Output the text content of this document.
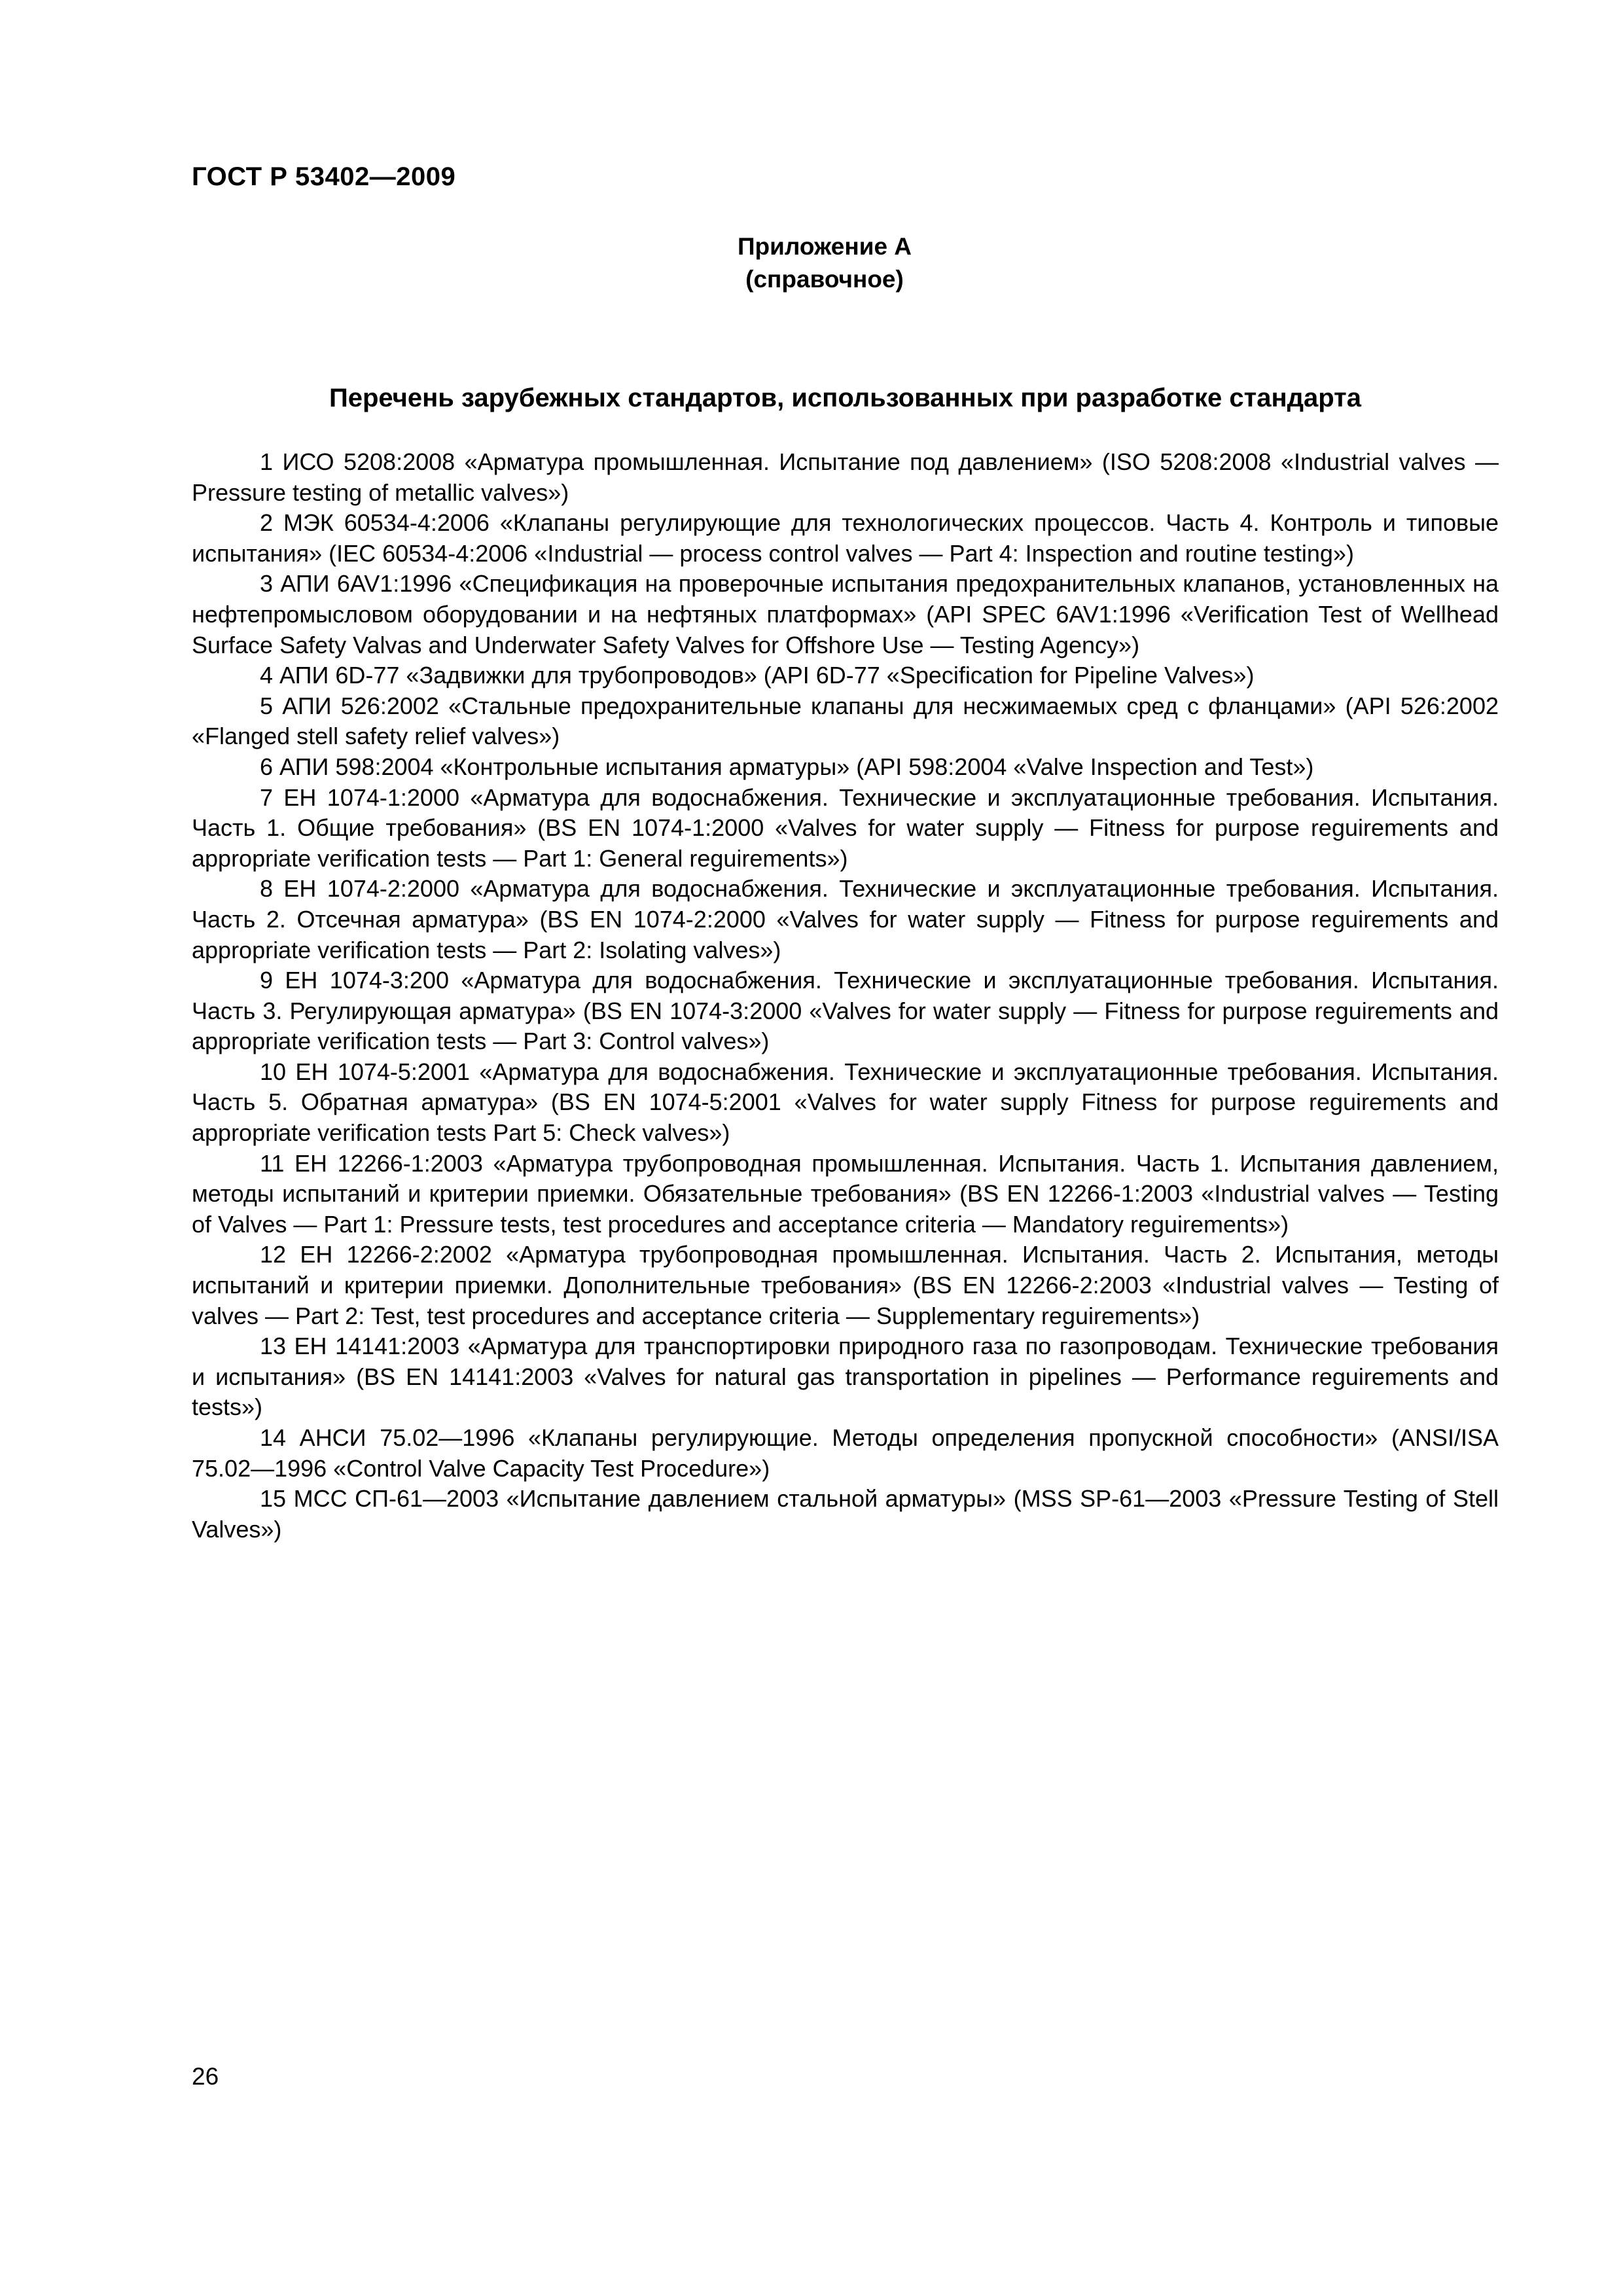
ГОСТ Р 53402—2009
Приложение А
(справочное)
Перечень зарубежных стандартов, использованных при разработке стандарта
1 ИСО 5208:2008 «Арматура промышленная. Испытание под давлением» (ISO 5208:2008 «Industrial valves — Pressure testing of metallic valves»)
2 МЭК 60534-4:2006 «Клапаны регулирующие для технологических процессов. Часть 4. Контроль и типовые испытания» (IEC 60534-4:2006 «Industrial — process control valves — Part 4: Inspection and routine testing»)
3 АПИ 6AV1:1996 «Спецификация на проверочные испытания предохранительных клапанов, установленных на нефтепромысловом оборудовании и на нефтяных платформах» (API SPEC 6AV1:1996 «Verification Test of Wellhead Surface Safety Valvas and Underwater Safety Valves for Offshore Use — Testing Agency»)
4 АПИ 6D-77 «Задвижки для трубопроводов» (API 6D-77 «Specification for Pipeline Valves»)
5 АПИ 526:2002 «Стальные предохранительные клапаны для несжимаемых сред с фланцами» (API 526:2002 «Flanged stell safety relief valves»)
6 АПИ 598:2004 «Контрольные испытания арматуры» (API 598:2004 «Valve Inspection and Test»)
7 ЕН 1074-1:2000 «Арматура для водоснабжения. Технические и эксплуатационные требования. Испытания. Часть 1. Общие требования» (BS EN 1074-1:2000 «Valves for water supply — Fitness for purpose reguirements and appropriate verification tests — Part 1: General reguirements»)
8 ЕН 1074-2:2000 «Арматура для водоснабжения. Технические и эксплуатационные требования. Испытания. Часть 2. Отсечная арматура» (BS EN 1074-2:2000 «Valves for water supply — Fitness for purpose reguirements and appropriate verification tests — Part 2: Isolating valves»)
9 ЕН 1074-3:200 «Арматура для водоснабжения. Технические и эксплуатационные требования. Испытания. Часть 3. Регулирующая арматура» (BS EN 1074-3:2000 «Valves for water supply — Fitness for purpose reguirements and appropriate verification tests — Part 3: Control valves»)
10 ЕН 1074-5:2001 «Арматура для водоснабжения. Технические и эксплуатационные требования. Испытания. Часть 5. Обратная арматура» (BS EN 1074-5:2001 «Valves for water supply Fitness for purpose reguirements and appropriate verification tests Part 5: Check valves»)
11 ЕН 12266-1:2003 «Арматура трубопроводная промышленная. Испытания. Часть 1. Испытания давлением, методы испытаний и критерии приемки. Обязательные требования» (BS EN 12266-1:2003 «Industrial valves — Testing of Valves — Part 1: Pressure tests, test procedures and acceptance criteria — Mandatory reguirements»)
12 ЕН 12266-2:2002 «Арматура трубопроводная промышленная. Испытания. Часть 2. Испытания, методы испытаний и критерии приемки. Дополнительные требования» (BS EN 12266-2:2003 «Industrial valves — Testing of valves — Part 2: Test, test procedures and acceptance criteria — Supplementary reguirements»)
13 ЕН 14141:2003 «Арматура для транспортировки природного газа по газопроводам. Технические требования и испытания» (BS EN 14141:2003 «Valves for natural gas transportation in pipelines — Performance reguirements and tests»)
14 АНСИ 75.02—1996 «Клапаны регулирующие. Методы определения пропускной способности» (ANSI/ISA 75.02—1996 «Control Valve Capacity Test Procedure»)
15 МСС СП-61—2003 «Испытание давлением стальной арматуры» (MSS SP-61—2003 «Pressure Testing of Stell Valves»)
26
